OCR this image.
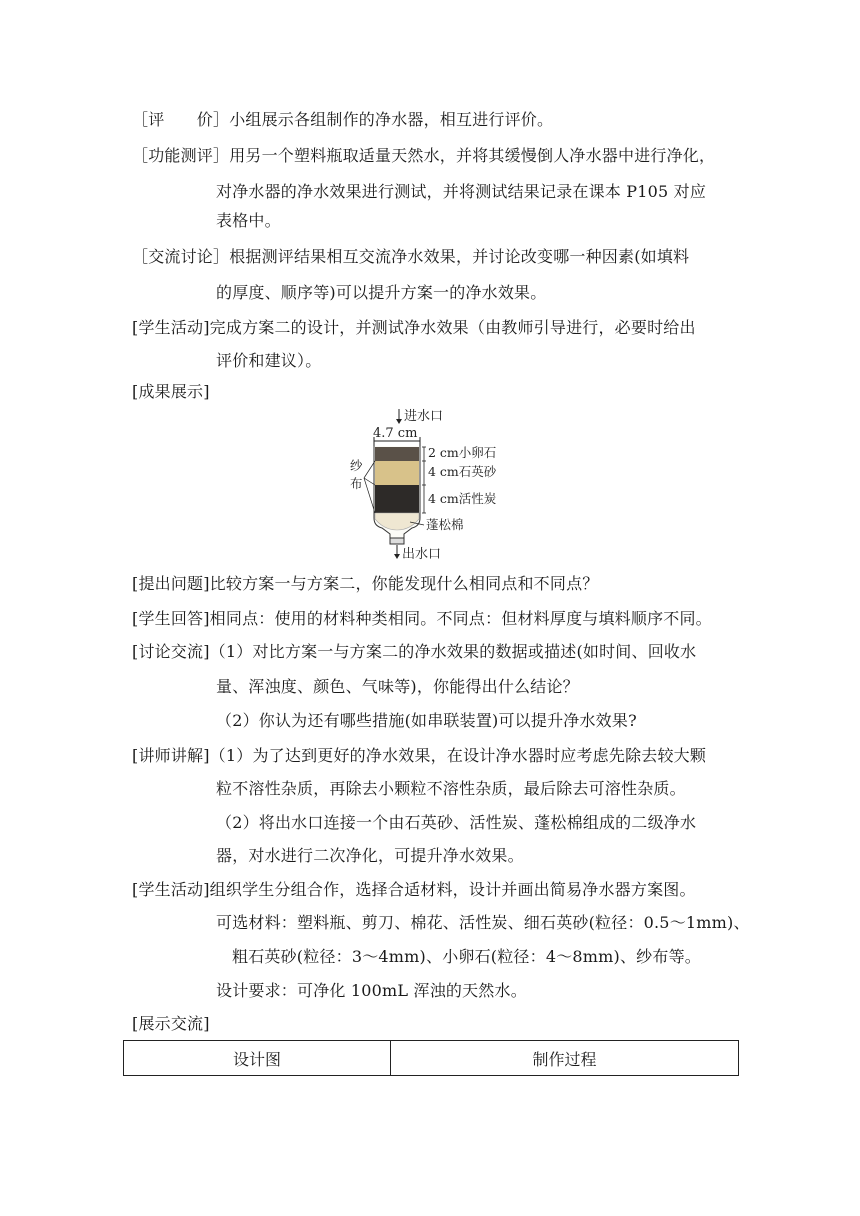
［评　　价］小组展示各组制作的净水器，相互进行评价。
［功能测评］用另一个塑料瓶取适量天然水，并将其缓慢倒人净水器中进行净化，
对净水器的净水效果进行测试，并将测试结果记录在课本 P105 对应
表格中。
［交流讨论］根据测评结果相互交流净水效果，并讨论改变哪一种因素(如填料
的厚度、顺序等)可以提升方案一的净水效果。
[学生活动]完成方案二的设计，并测试净水效果（由教师引导进行，必要时给出
评价和建议）。
[成果展示]
进水口
4.7 cm
2 cm小卵石
4 cm石英砂
4 cm活性炭
纱
布
蓬松棉
出水口
[提出问题]比较方案一与方案二，你能发现什么相同点和不同点？
[学生回答]相同点：使用的材料种类相同。不同点：但材料厚度与填料顺序不同。
[讨论交流]（1）对比方案一与方案二的净水效果的数据或描述(如时间、回收水
量、浑浊度、颜色、气味等)，你能得出什么结论？
（2）你认为还有哪些措施(如串联装置)可以提升净水效果?
[讲师讲解]（1）为了达到更好的净水效果，在设计净水器时应考虑先除去较大颗
粒不溶性杂质，再除去小颗粒不溶性杂质，最后除去可溶性杂质。
（2）将出水口连接一个由石英砂、活性炭、蓬松棉组成的二级净水
器，对水进行二次净化，可提升净水效果。
[学生活动]组织学生分组合作，选择合适材料，设计并画出简易净水器方案图。
可选材料：塑料瓶、剪刀、棉花、活性炭、细石英砂(粒径：0.5～1mm)、
粗石英砂(粒径：3～4mm)、小卵石(粒径：4～8mm)、纱布等。
设计要求：可净化 100mL 浑浊的天然水。
[展示交流]
设计图	制作过程
